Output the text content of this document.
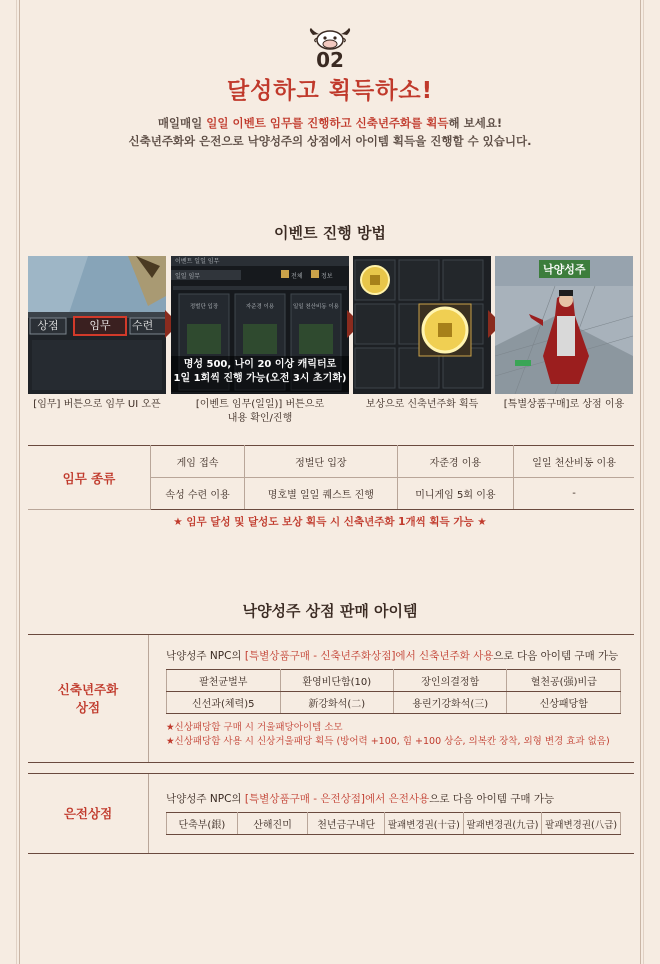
02
달성하고 획득하소!
매일매일 일일 이벤트 임무를 진행하고 신축년주화를 획득해 보세요!
신축년주화와 은전으로 낙양성주의 상점에서 아이템 획득을 진행할 수 있습니다.
이벤트 진행 방법
상점	임무	수련
이벤트 일일 임무
일일 임무	전체	정보
정벌단 입장	자준경 이용	일일 천산비동 이용
명성 500, 나이 20 이상 캐릭터로
1일 1회씩 진행 가능(오전 3시 초기화)
낙양성주
[임무] 버튼으로 임무 UI 오픈	[이벤트 임무(일일)] 버튼으로
내용 확인/진행
보상으로 신축년주화 획득	[특별상품구매]로 상점 이용
임무 종류	게임 접속	정벌단 입장	자준경 이용	일일 천산비동 이용
	속성 수련 이용	명호별 일일 퀘스트 진행	미니게임 5회 이용	-
★ 임무 달성 및 달성도 보상 획득 시 신축년주화 1개씩 획득 가능 ★
낙양성주 상점 판매 아이템
신축년주화
상점
낙양성주 NPC의 [특별상품구매 - 신축년주화상점]에서 신축년주화 사용으로 다음 아이템 구매 가능
팔천균벌부	환영비단함(10)	장인의결정함	혈천공(强)비급
신선과(체력)5	新강화석(二)	용린기강화석(三)	신상패당함
★신상패당함 구매 시 거울패당아이템 소모
★신상패당함 사용 시 신상거울패당 획득 (방어력 +100, 힘 +100 상승, 의복칸 장착, 외형 변경 효과 없음)
은전상점
낙양성주 NPC의 [특별상품구매 - 은전상점]에서 은전사용으로 다음 아이템 구매 가능
단축부(銀)	산해진미	천년금구내단	팔괘변경권(十급)	팔괘변경권(九급)	팔괘변경권(八급)
